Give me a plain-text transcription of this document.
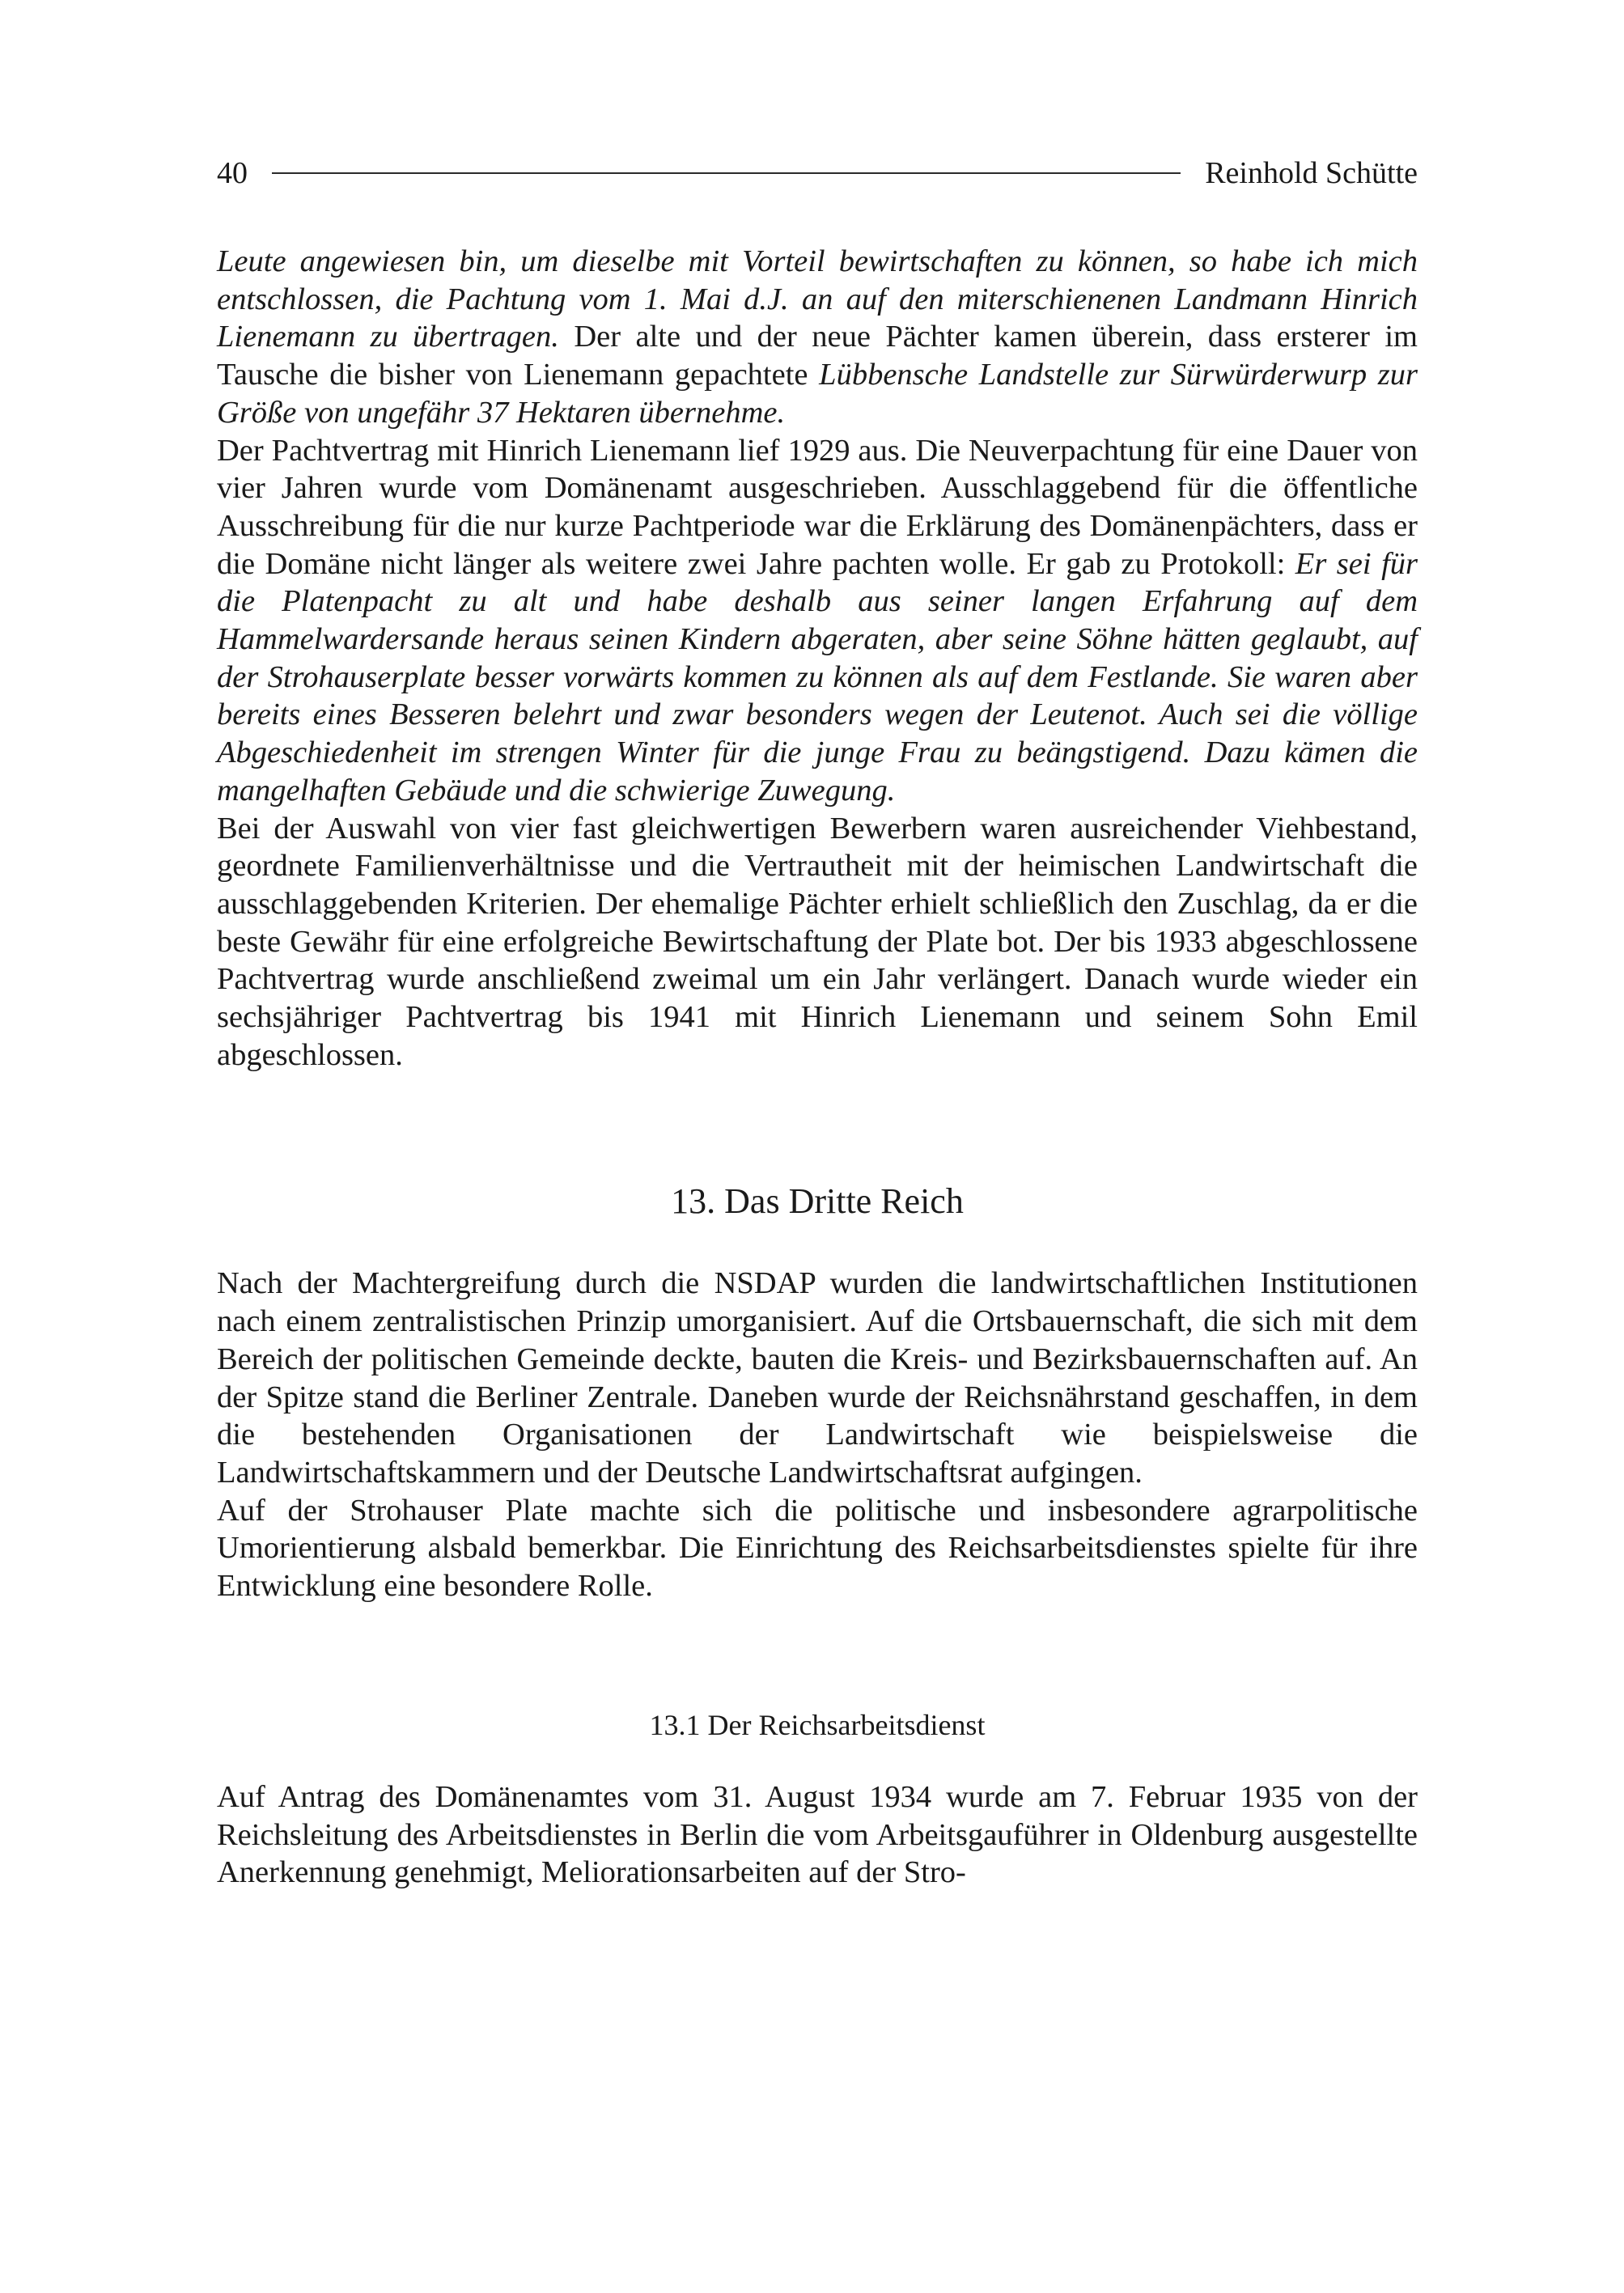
40	Reinhold Schütte

Leute angewiesen bin, um dieselbe mit Vorteil bewirtschaften zu können, so habe ich mich entschlossen, die Pachtung vom 1. Mai d.J. an auf den miterschienenen Landmann Hinrich Lienemann zu übertragen. Der alte und der neue Pächter kamen überein, dass ersterer im Tausche die bisher von Lienemann gepachtete Lübbensche Landstelle zur Sürwürderwurp zur Größe von ungefähr 37 Hektaren übernehme.

Der Pachtvertrag mit Hinrich Lienemann lief 1929 aus. Die Neuverpachtung für eine Dauer von vier Jahren wurde vom Domänenamt ausgeschrieben. Ausschlaggebend für die öffentliche Ausschreibung für die nur kurze Pachtperiode war die Erklärung des Domänenpächters, dass er die Domäne nicht länger als weitere zwei Jahre pachten wolle. Er gab zu Protokoll: Er sei für die Platenpacht zu alt und habe deshalb aus seiner langen Erfahrung auf dem Hammelwardersande heraus seinen Kindern abgeraten, aber seine Söhne hätten geglaubt, auf der Strohauserplate besser vorwärts kommen zu können als auf dem Festlande. Sie waren aber bereits eines Besseren belehrt und zwar besonders wegen der Leutenot. Auch sei die völlige Abgeschiedenheit im strengen Winter für die junge Frau zu beängstigend. Dazu kämen die mangelhaften Gebäude und die schwierige Zuwegung.

Bei der Auswahl von vier fast gleichwertigen Bewerbern waren ausreichender Viehbestand, geordnete Familienverhältnisse und die Vertrautheit mit der heimischen Landwirtschaft die ausschlaggebenden Kriterien. Der ehemalige Pächter erhielt schließlich den Zuschlag, da er die beste Gewähr für eine erfolgreiche Bewirtschaftung der Plate bot. Der bis 1933 abgeschlossene Pachtvertrag wurde anschließend zweimal um ein Jahr verlängert. Danach wurde wieder ein sechsjähriger Pachtvertrag bis 1941 mit Hinrich Lienemann und seinem Sohn Emil abgeschlossen.

13. Das Dritte Reich

Nach der Machtergreifung durch die NSDAP wurden die landwirtschaftlichen Institutionen nach einem zentralistischen Prinzip umorganisiert. Auf die Ortsbauernschaft, die sich mit dem Bereich der politischen Gemeinde deckte, bauten die Kreis- und Bezirksbauernschaften auf. An der Spitze stand die Berliner Zentrale. Daneben wurde der Reichsnährstand geschaffen, in dem die bestehenden Organisationen der Landwirtschaft wie beispielsweise die Landwirtschaftskammern und der Deutsche Landwirtschaftsrat aufgingen.

Auf der Strohauser Plate machte sich die politische und insbesondere agrarpolitische Umorientierung alsbald bemerkbar. Die Einrichtung des Reichsarbeitsdienstes spielte für ihre Entwicklung eine besondere Rolle.

13.1 Der Reichsarbeitsdienst

Auf Antrag des Domänenamtes vom 31. August 1934 wurde am 7. Februar 1935 von der Reichsleitung des Arbeitsdienstes in Berlin die vom Arbeitsgauführer in Oldenburg ausgestellte Anerkennung genehmigt, Meliorationsarbeiten auf der Stro-
